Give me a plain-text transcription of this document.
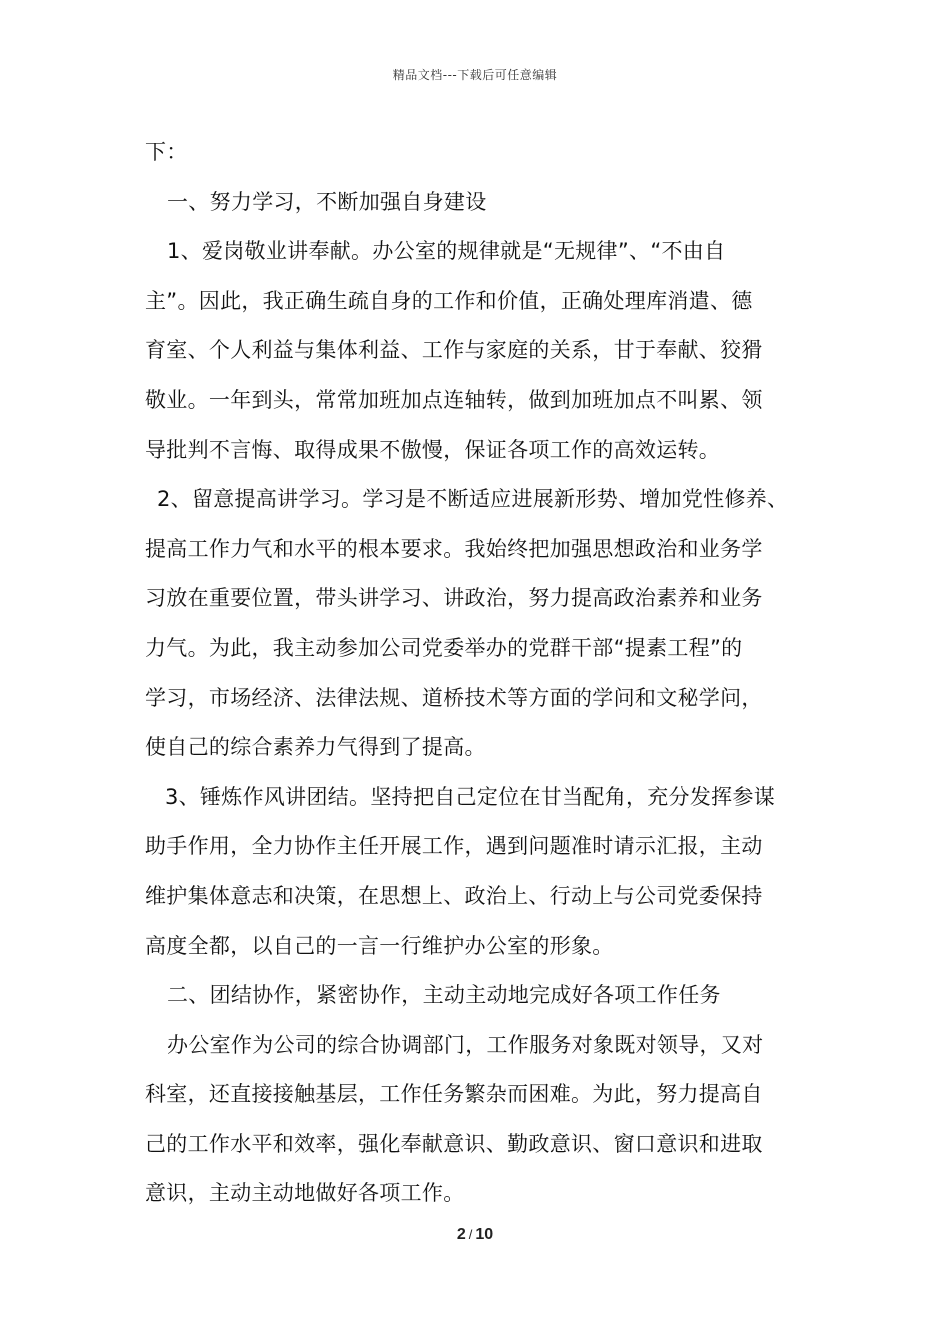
精品文档---下载后可任意编辑
下：
一、努力学习，不断加强自身建设
1、爱岗敬业讲奉献。办公室的规律就是“无规律”、“不由自
主”。因此，我正确生疏自身的工作和价值，正确处理库消遣、德
育室、个人利益与集体利益、工作与家庭的关系，甘于奉献、狡猾
敬业。一年到头，常常加班加点连轴转，做到加班加点不叫累、领
导批判不言悔、取得成果不傲慢，保证各项工作的高效运转。
2、留意提高讲学习。学习是不断适应进展新形势、增加党性修养、
提高工作力气和水平的根本要求。我始终把加强思想政治和业务学
习放在重要位置，带头讲学习、讲政治，努力提高政治素养和业务
力气。为此，我主动参加公司党委举办的党群干部“提素工程”的
学习，市场经济、法律法规、道桥技术等方面的学问和文秘学问，
使自己的综合素养力气得到了提高。
3、锤炼作风讲团结。坚持把自己定位在甘当配角，充分发挥参谋
助手作用，全力协作主任开展工作，遇到问题准时请示汇报，主动
维护集体意志和决策，在思想上、政治上、行动上与公司党委保持
高度全都，以自己的一言一行维护办公室的形象。
二、团结协作，紧密协作，主动主动地完成好各项工作任务
办公室作为公司的综合协调部门，工作服务对象既对领导，又对
科室，还直接接触基层，工作任务繁杂而困难。为此，努力提高自
己的工作水平和效率，强化奉献意识、勤政意识、窗口意识和进取
意识，主动主动地做好各项工作。
2 / 10
